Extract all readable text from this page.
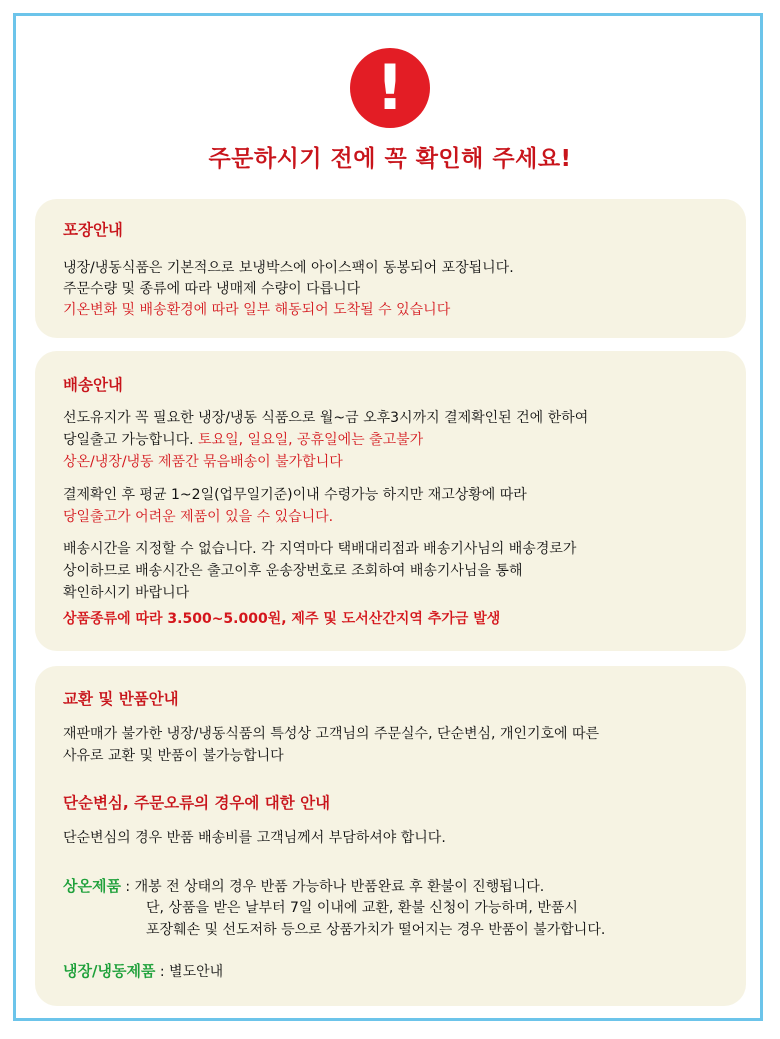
!
주문하시기 전에 꼭 확인해 주세요!
포장안내
냉장/냉동식품은 기본적으로 보냉박스에 아이스팩이 동봉되어 포장됩니다.
주문수량 및 종류에 따라 냉매제 수량이 다릅니다
기온변화 및 배송환경에 따라 일부 해동되어 도착될 수 있습니다
배송안내
선도유지가 꼭 필요한 냉장/냉동 식품으로 월~금 오후3시까지 결제확인된 건에 한하여
당일출고 가능합니다. 토요일, 일요일, 공휴일에는 출고불가
상온/냉장/냉동 제품간 묶음배송이 불가합니다
결제확인 후 평균 1~2일(업무일기준)이내 수령가능 하지만 재고상황에 따라
당일출고가 어려운 제품이 있을 수 있습니다.
배송시간을 지정할 수 없습니다. 각 지역마다 택배대리점과 배송기사님의 배송경로가
상이하므로 배송시간은 출고이후 운송장번호로 조회하여 배송기사님을 통해
확인하시기 바랍니다
상품종류에 따라 3.500~5.000원, 제주 및 도서산간지역 추가금 발생
교환 및 반품안내
재판매가 불가한 냉장/냉동식품의 특성상 고객님의 주문실수, 단순변심, 개인기호에 따른
사유로 교환 및 반품이 불가능합니다
단순변심, 주문오류의 경우에 대한 안내
단순변심의 경우 반품 배송비를 고객님께서 부담하셔야 합니다.
상온제품 : 개봉 전 상태의 경우 반품 가능하나 반품완료 후 환불이 진행됩니다.
단, 상품을 받은 날부터 7일 이내에 교환, 환불 신청이 가능하며, 반품시
포장훼손 및 선도저하 등으로 상품가치가 떨어지는 경우 반품이 불가합니다.
냉장/냉동제품 : 별도안내
